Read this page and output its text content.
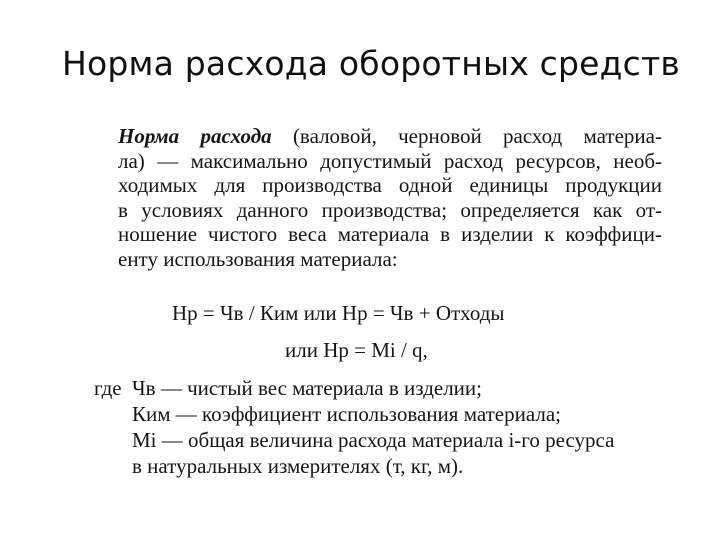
Норма расхода оборотных средств
Норма расхода (валовой, черновой расход материа-
ла) — максимально допустимый расход ресурсов, необ-
ходимых для производства одной единицы продукции
в условиях данного производства; определяется как от-
ношение чистого веса материала в изделии к коэффици-
енту использования материала:
Нр = Чв / Ким или Нр = Чв + Отходы
или Нр = Mi / q,
где Чв — чистый вес материала в изделии;
Ким — коэффициент использования материала;
Mi — общая величина расхода материала i-го ресурса
в натуральных измерителях (т, кг, м).
